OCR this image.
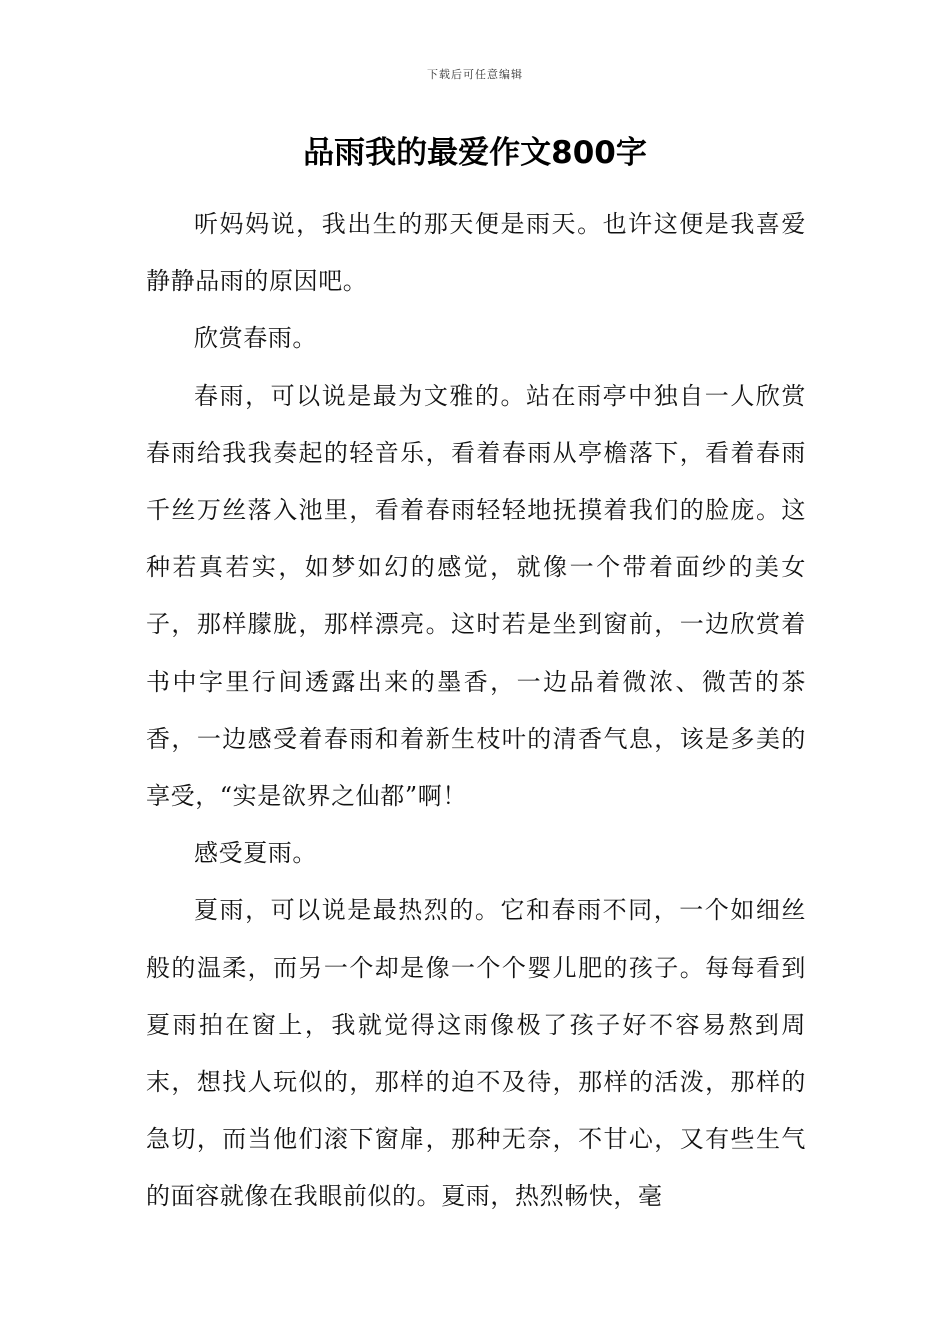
下载后可任意编辑
品雨我的最爱作文800字

听妈妈说，我出生的那天便是雨天。也许这便是我喜爱静静品雨的原因吧。

欣赏春雨。

春雨，可以说是最为文雅的。站在雨亭中独自一人欣赏春雨给我我奏起的轻音乐，看着春雨从亭檐落下，看着春雨千丝万丝落入池里，看着春雨轻轻地抚摸着我们的脸庞。这种若真若实，如梦如幻的感觉，就像一个带着面纱的美女子，那样朦胧，那样漂亮。这时若是坐到窗前，一边欣赏着书中字里行间透露出来的墨香，一边品着微浓、微苦的茶香，一边感受着春雨和着新生枝叶的清香气息，该是多美的享受，“实是欲界之仙都”啊！

感受夏雨。

夏雨，可以说是最热烈的。它和春雨不同，一个如细丝般的温柔，而另一个却是像一个个婴儿肥的孩子。每每看到夏雨拍在窗上，我就觉得这雨像极了孩子好不容易熬到周末，想找人玩似的，那样的迫不及待，那样的活泼，那样的急切，而当他们滚下窗扉，那种无奈，不甘心，又有些生气的面容就像在我眼前似的。夏雨，热烈畅快，毫
